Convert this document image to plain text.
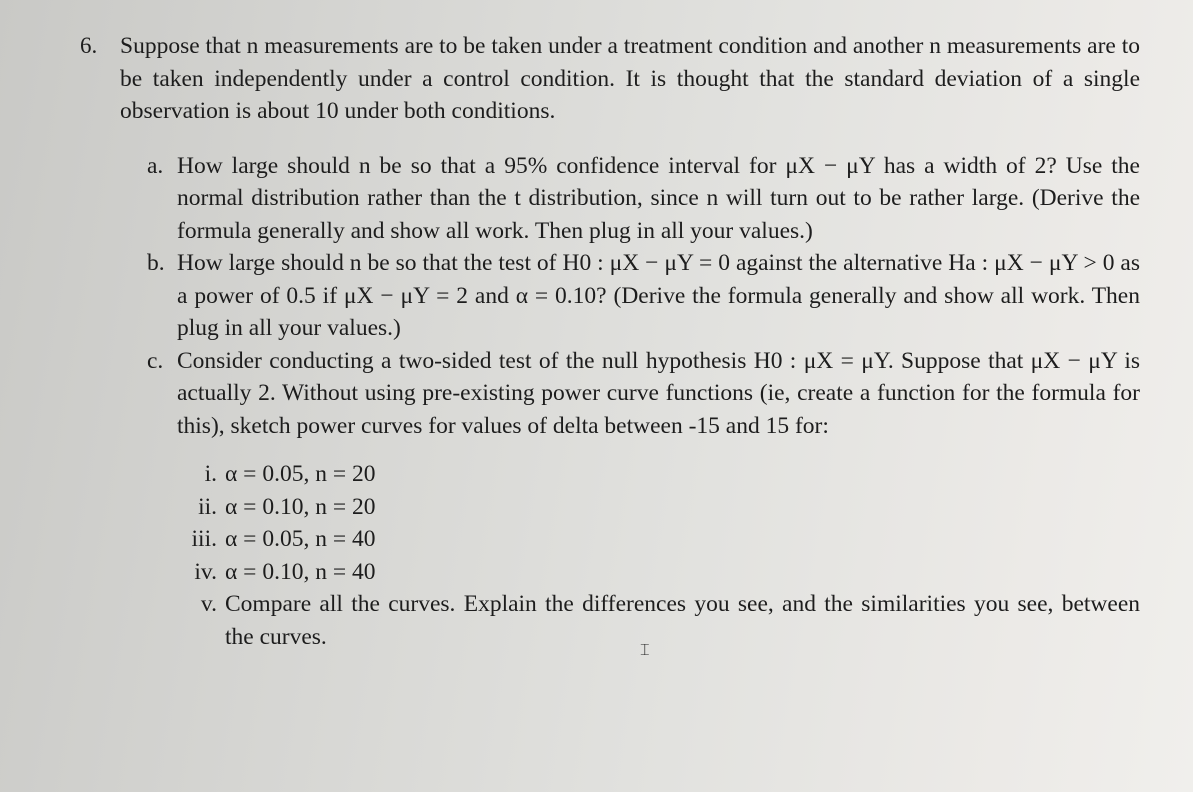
6. Suppose that n measurements are to be taken under a treatment condition and another n measurements are to be taken independently under a control condition. It is thought that the standard deviation of a single observation is about 10 under both conditions.
a. How large should n be so that a 95% confidence interval for μX − μY has a width of 2? Use the normal distribution rather than the t distribution, since n will turn out to be rather large. (Derive the formula generally and show all work. Then plug in all your values.)
b. How large should n be so that the test of H0 : μX − μY = 0 against the alternative Ha : μX − μY > 0 as a power of 0.5 if μX − μY = 2 and α = 0.10? (Derive the formula generally and show all work. Then plug in all your values.)
c. Consider conducting a two-sided test of the null hypothesis H0 : μX = μY. Suppose that μX − μY is actually 2. Without using pre-existing power curve functions (ie, create a function for the formula for this), sketch power curves for values of delta between -15 and 15 for:
i. α = 0.05, n = 20
ii. α = 0.10, n = 20
iii. α = 0.05, n = 40
iv. α = 0.10, n = 40
v. Compare all the curves. Explain the differences you see, and the similarities you see, between the curves.	⌶
